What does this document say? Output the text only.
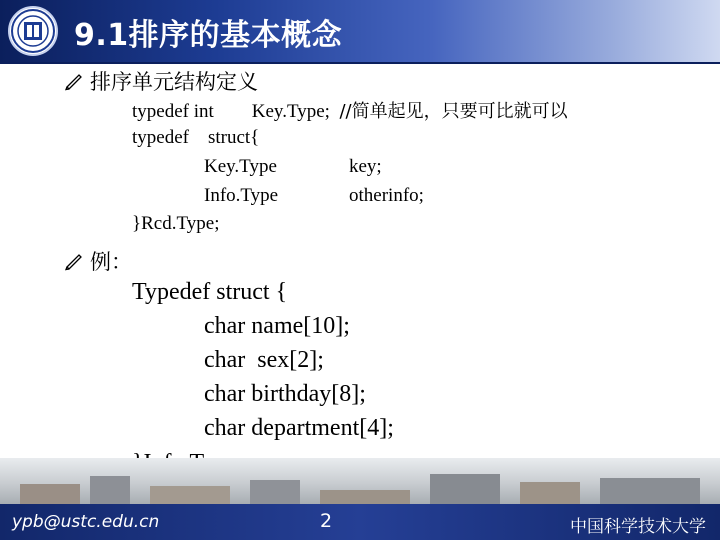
9.1排序的基本概念
排序单元结构定义
typedef int        Key.Type;  //简单起见，只要可比就可以
typedef    struct{
Key.Type	key;
Info.Type	otherinfo;
}Rcd.Type;
例：
Typedef struct {
char name[10];
char  sex[2];
char birthday[8];
char department[4];
ypb@ustc.edu.cn	2	中国科学技术大学
